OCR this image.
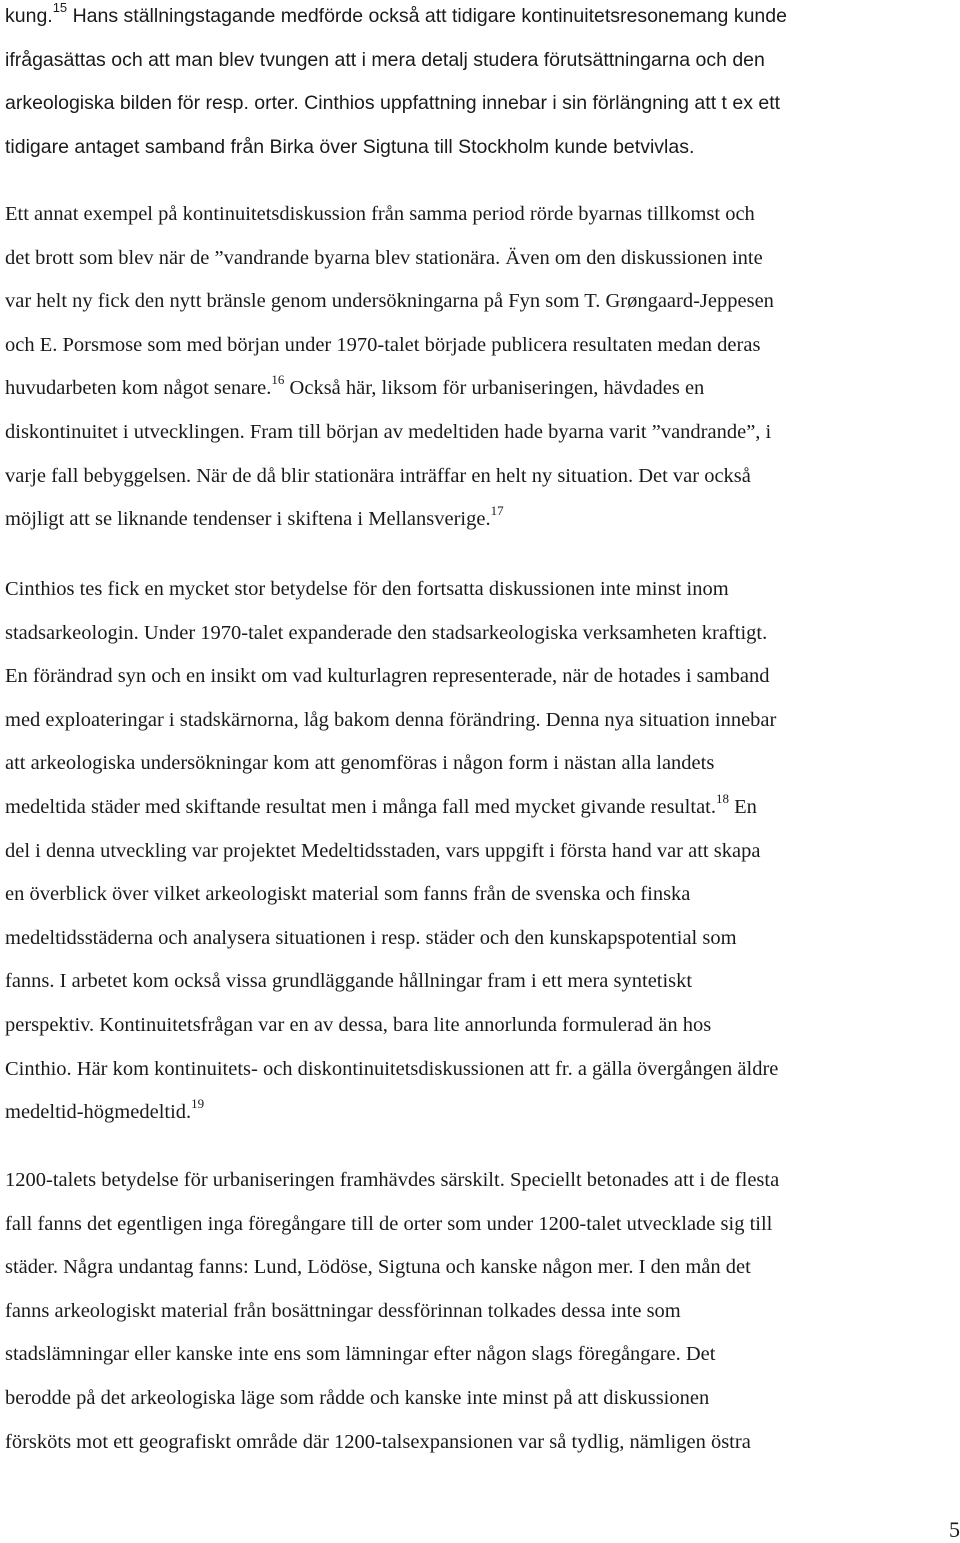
kung.$^{15}$ Hans ställningstagande medförde också att tidigare kontinuitetsresonemang kunde
ifrågasättas och att man blev tvungen att i mera detalj studera förutsättningarna och den
arkeologiska bilden för resp. orter. Cinthios uppfattning innebar i sin förlängning att t ex ett
tidigare antaget samband från Birka över Sigtuna till Stockholm kunde betvivlas.
Ett annat exempel på kontinuitetsdiskussion från samma period rörde byarnas tillkomst och
det brott som blev när de ”vandrande byarna blev stationära. Även om den diskussionen inte
var helt ny fick den nytt bränsle genom undersökningarna på Fyn som T. Grøngaard-Jeppesen
och E. Porsmose som med början under 1970-talet började publicera resultaten medan deras
huvudarbeten kom något senare.$^{16}$ Också här, liksom för urbaniseringen, hävdades en
diskontinuitet i utvecklingen. Fram till början av medeltiden hade byarna varit ”vandrande”, i
varje fall bebyggelsen. När de då blir stationära inträffar en helt ny situation. Det var också
möjligt att se liknande tendenser i skiftena i Mellansverige.$^{17}$
Cinthios tes fick en mycket stor betydelse för den fortsatta diskussionen inte minst inom
stadsarkeologin. Under 1970-talet expanderade den stadsarkeologiska verksamheten kraftigt.
En förändrad syn och en insikt om vad kulturlagren representerade, när de hotades i samband
med exploateringar i stadskärnorna, låg bakom denna förändring. Denna nya situation innebar
att arkeologiska undersökningar kom att genomföras i någon form i nästan alla landets
medeltida städer med skiftande resultat men i många fall med mycket givande resultat.$^{18}$ En
del i denna utveckling var projektet Medeltidsstaden, vars uppgift i första hand var att skapa
en överblick över vilket arkeologiskt material som fanns från de svenska och finska
medeltidsstäderna och analysera situationen i resp. städer och den kunskapspotential som
fanns. I arbetet kom också vissa grundläggande hållningar fram i ett mera syntetiskt
perspektiv. Kontinuitetsfrågan var en av dessa, bara lite annorlunda formulerad än hos
Cinthio. Här kom kontinuitets- och diskontinuitetsdiskussionen att fr. a gälla övergången äldre
medeltid-högmedeltid.$^{19}$
1200-talets betydelse för urbaniseringen framhävdes särskilt. Speciellt betonades att i de flesta
fall fanns det egentligen inga föregångare till de orter som under 1200-talet utvecklade sig till
städer. Några undantag fanns: Lund, Lödöse, Sigtuna och kanske någon mer. I den mån det
fanns arkeologiskt material från bosättningar dessförinnan tolkades dessa inte som
stadslämningar eller kanske inte ens som lämningar efter någon slags föregångare. Det
berodde på det arkeologiska läge som rådde och kanske inte minst på att diskussionen
försköts mot ett geografiskt område där 1200-talsexpansionen var så tydlig, nämligen östra
5
